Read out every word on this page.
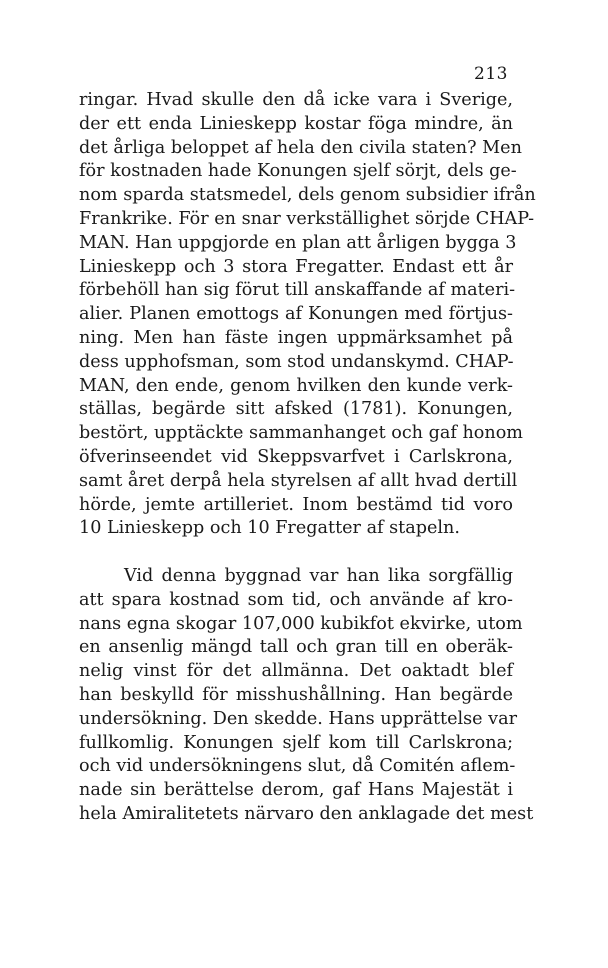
213
ringar. Hvad skulle den då icke vara i Sverige,
der ett enda Linieskepp kostar föga mindre, än
det årliga beloppet af hela den civila staten? Men
för kostnaden hade Konungen sjelf sörjt, dels ge-
nom sparda statsmedel, dels genom subsidier ifrån
Frankrike. För en snar verkställighet sörjde CHAP-
MAN. Han uppgjorde en plan att årligen bygga 3
Linieskepp och 3 stora Fregatter. Endast ett år
förbehöll han sig förut till anskaffande af materi-
alier. Planen emottogs af Konungen med förtjus-
ning. Men han fäste ingen uppmärksamhet på
dess upphofsman, som stod undanskymd. CHAP-
MAN, den ende, genom hvilken den kunde verk-
ställas, begärde sitt afsked (1781). Konungen,
bestört, upptäckte sammanhanget och gaf honom
öfverinseendet vid Skeppsvarfvet i Carlskrona,
samt året derpå hela styrelsen af allt hvad dertill
hörde, jemte artilleriet. Inom bestämd tid voro
10 Linieskepp och 10 Fregatter af stapeln.
Vid denna byggnad var han lika sorgfällig
att spara kostnad som tid, och använde af kro-
nans egna skogar 107,000 kubikfot ekvirke, utom
en ansenlig mängd tall och gran till en oberäk-
nelig vinst för det allmänna. Det oaktadt blef
han beskylld för misshushållning. Han begärde
undersökning. Den skedde. Hans upprättelse var
fullkomlig. Konungen sjelf kom till Carlskrona;
och vid undersökningens slut, då Comitén aflem-
nade sin berättelse derom, gaf Hans Majestät i
hela Amiralitetets närvaro den anklagade det mest
